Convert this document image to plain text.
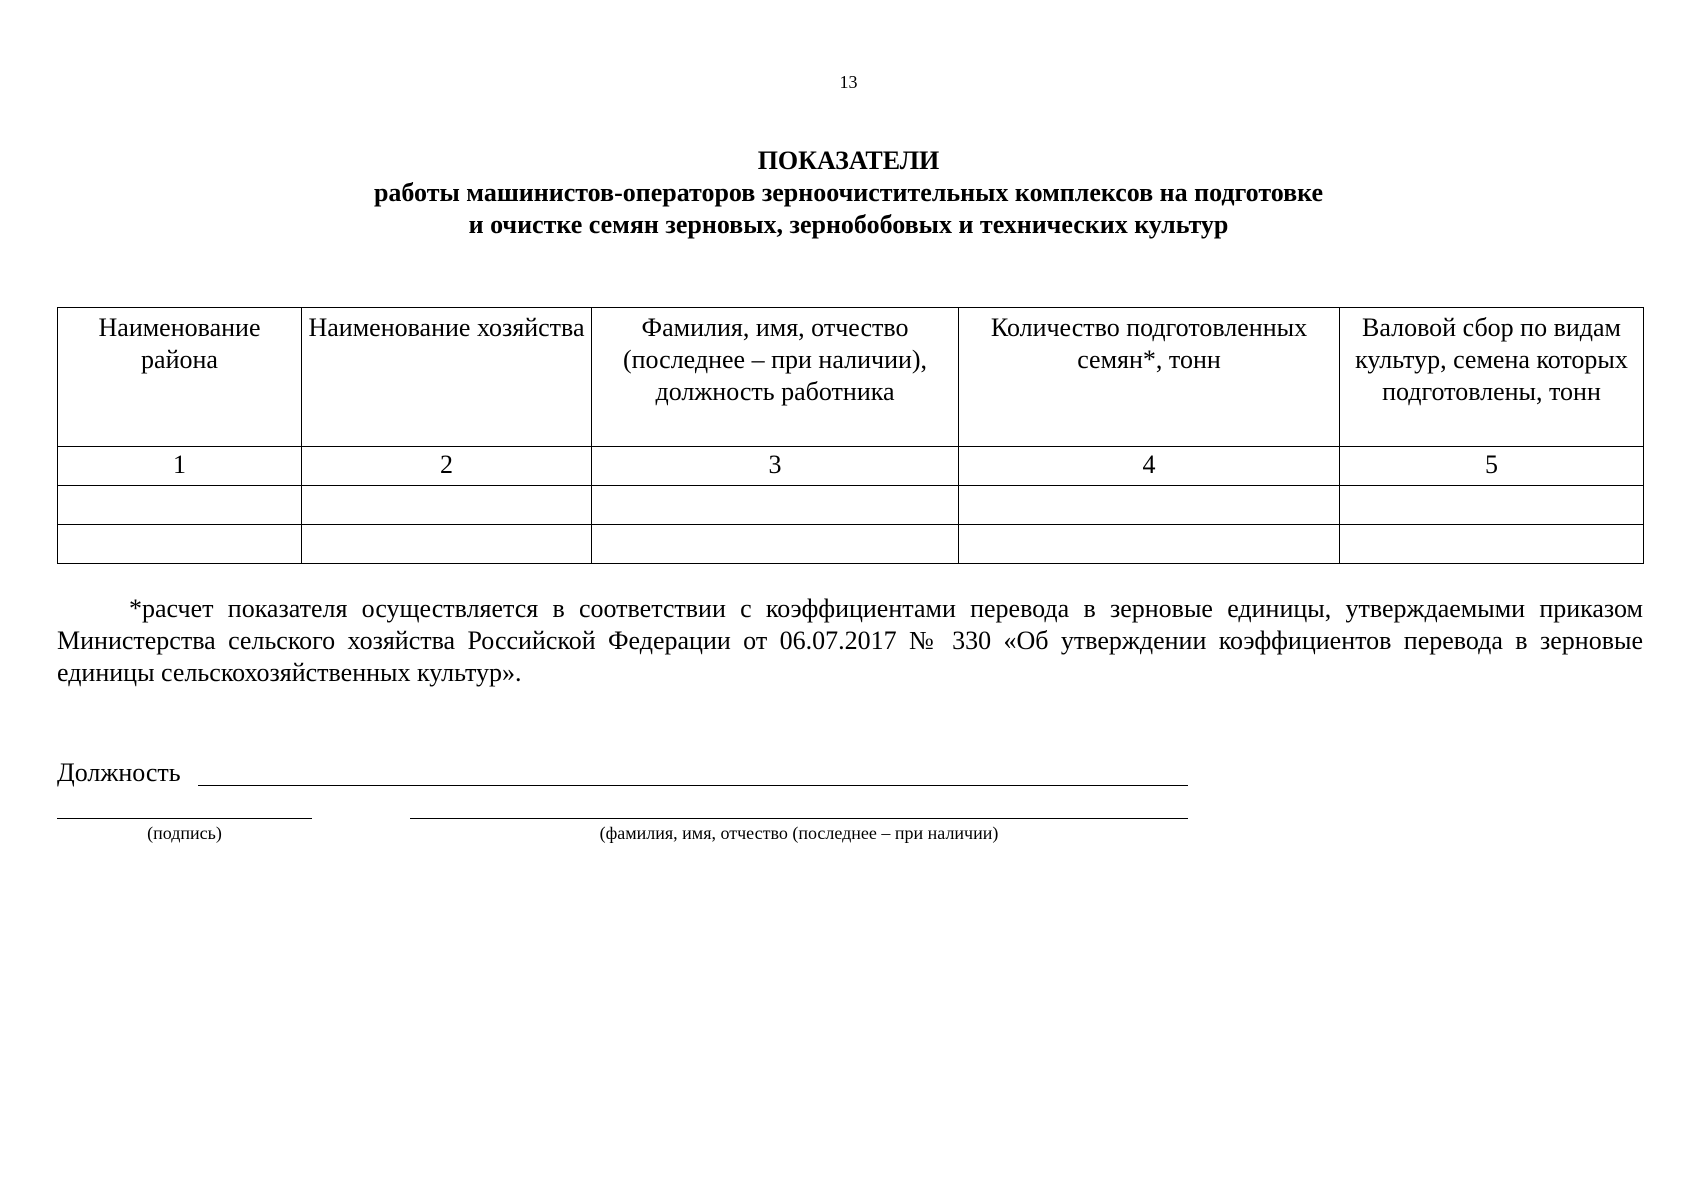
13
ПОКАЗАТЕЛИ
работы машинистов-операторов зерноочистительных комплексов на подготовке
и очистке семян зерновых, зернобобовых и технических культур
Наименование района	Наименование хозяйства	Фамилия, имя, отчество (последнее – при наличии), должность работника	Количество подготовленных семян*, тонн	Валовой сбор по видам культур, семена которых подготовлены, тонн
1	2	3	4	5

*расчет показателя осуществляется в соответствии с коэффициентами перевода в зерновые единицы, утверждаемыми приказом Министерства сельского хозяйства Российской Федерации от 06.07.2017 № 330 «Об утверждении коэффициентов перевода в зерновые единицы сельскохозяйственных культур».
Должность
(подпись)	(фамилия, имя, отчество (последнее – при наличии)
